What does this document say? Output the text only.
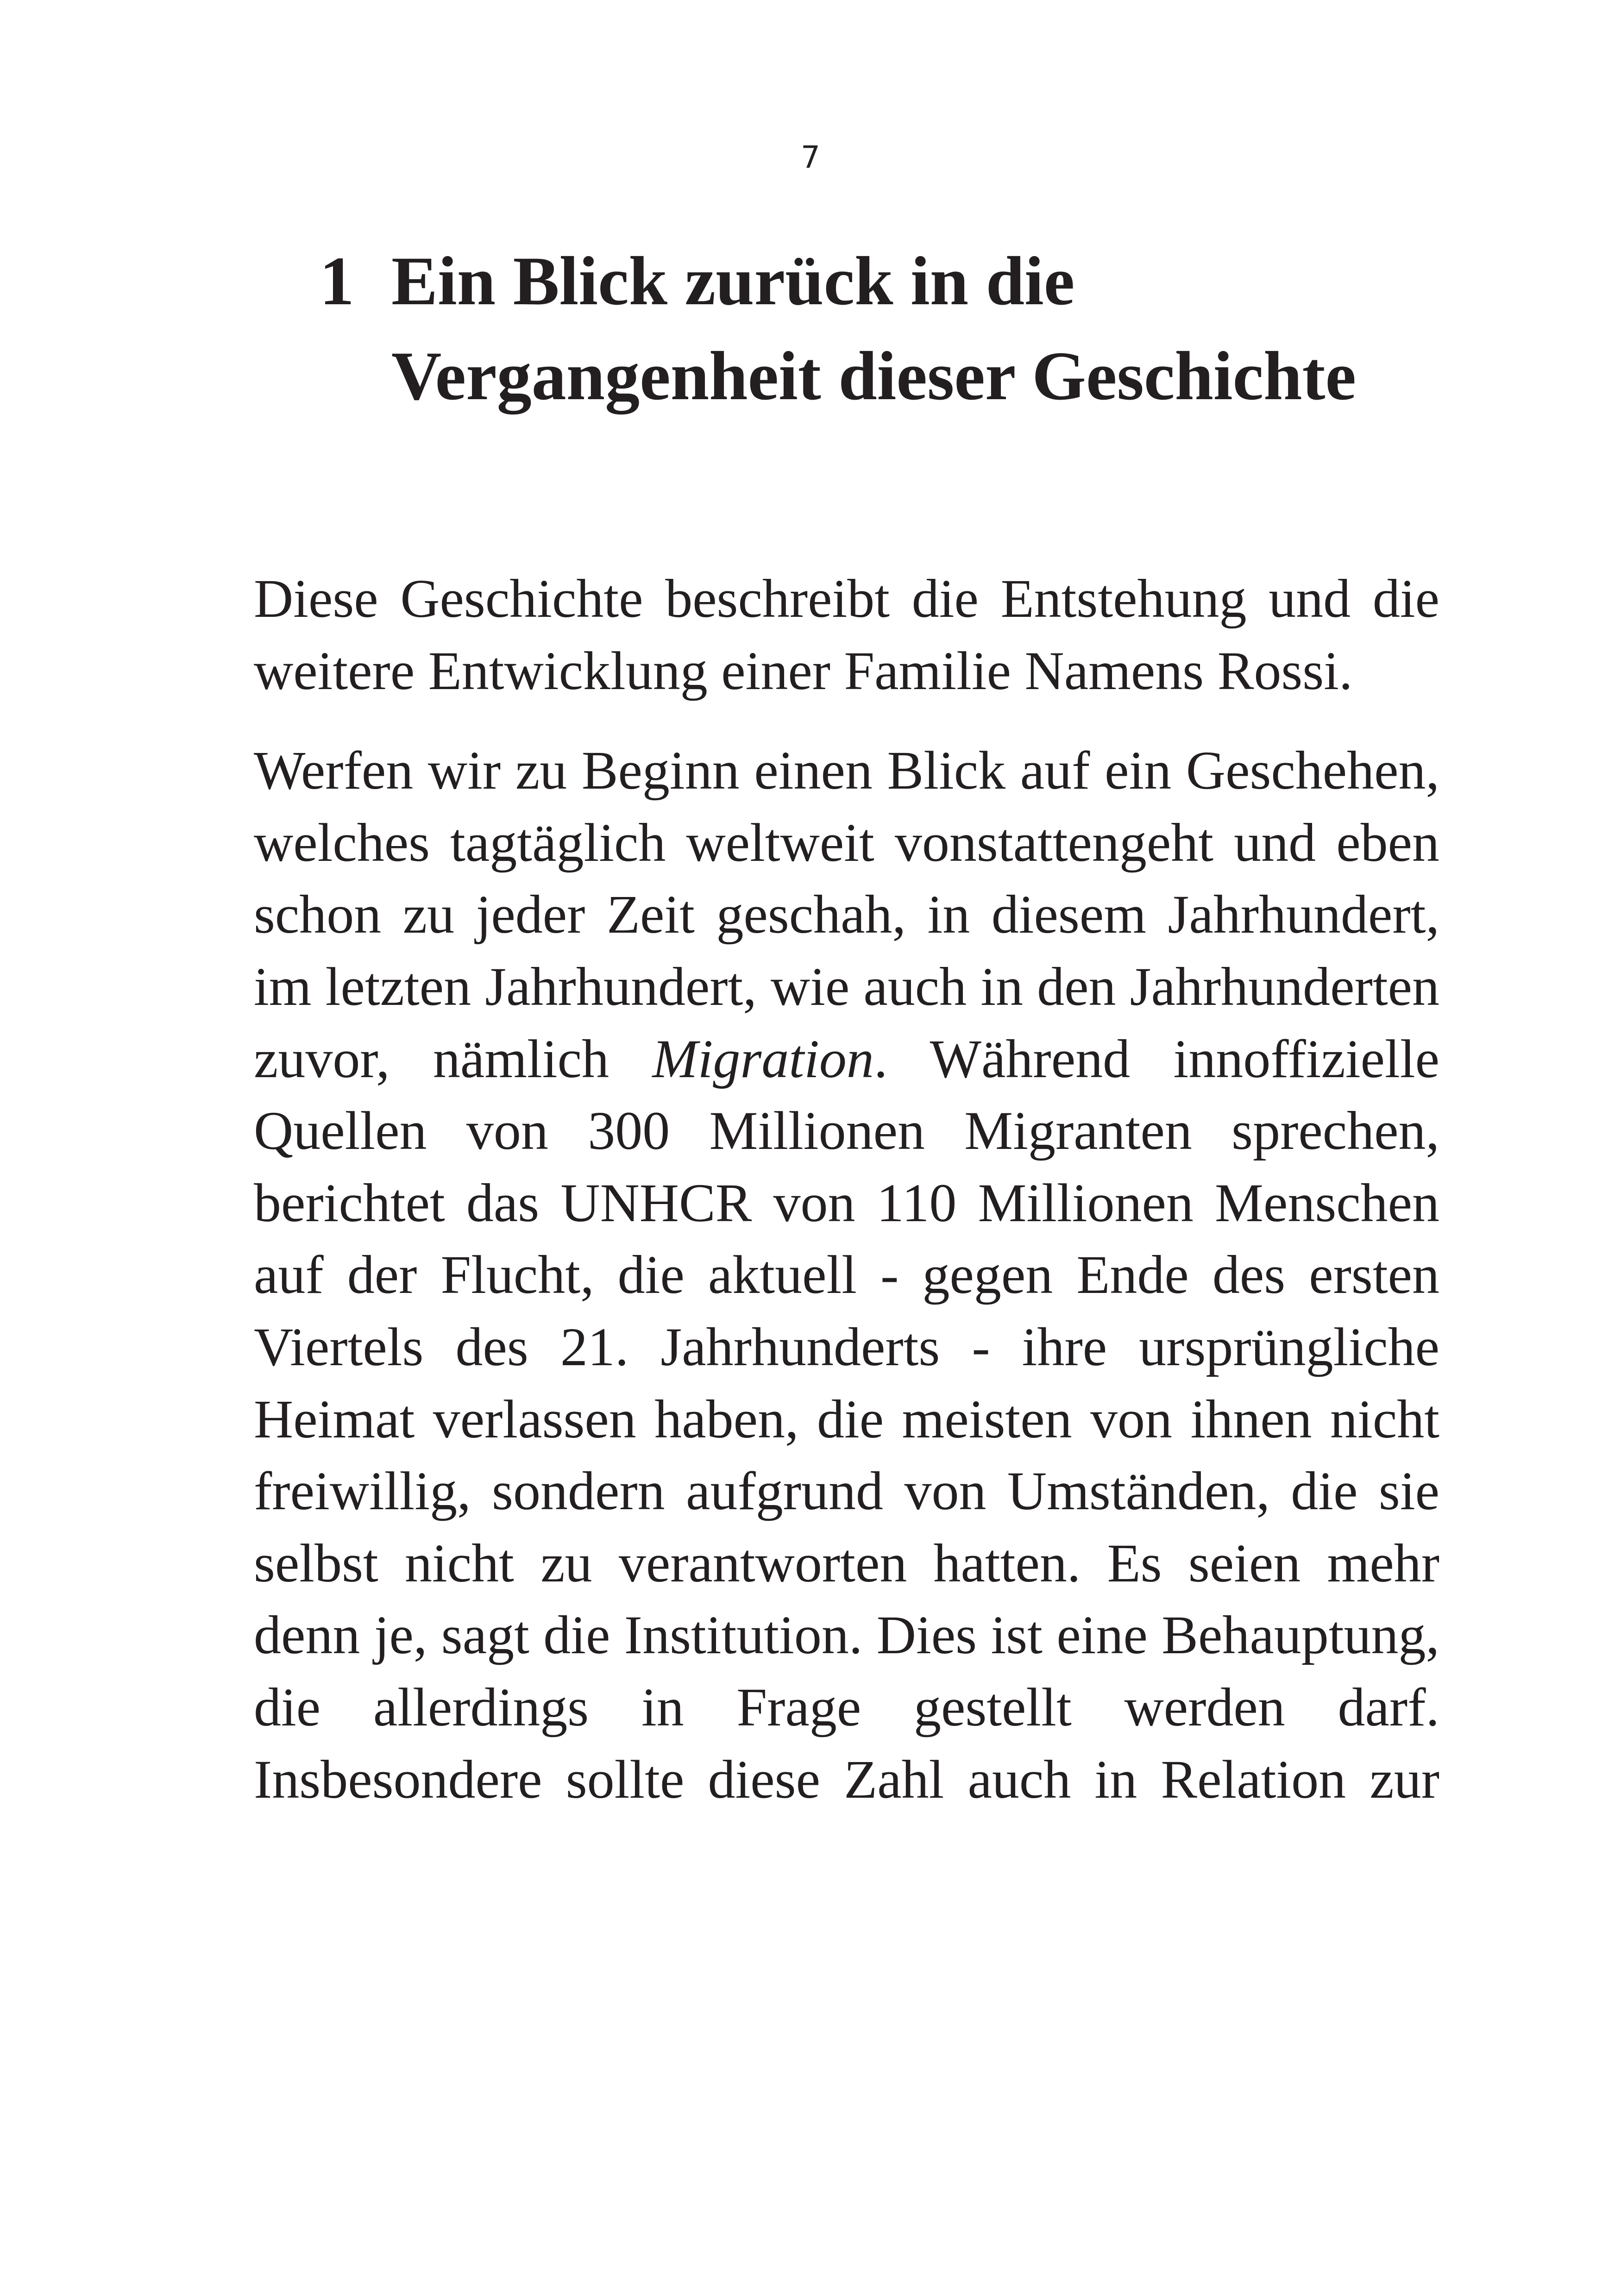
7
1 Ein Blick zurück in die
Vergangenheit dieser Geschichte

Diese Geschichte beschreibt die Entstehung und die weitere Entwicklung einer Familie Namens Rossi.

Werfen wir zu Beginn einen Blick auf ein Geschehen, welches tagtäglich weltweit vonstattengeht und eben schon zu jeder Zeit geschah, in diesem Jahrhundert, im letzten Jahrhundert, wie auch in den Jahrhunderten zuvor, nämlich Migration. Während innoffizielle Quellen von 300 Millionen Migranten sprechen, berichtet das UNHCR von 110 Millionen Menschen auf der Flucht, die aktuell - gegen Ende des ersten Viertels des 21. Jahrhunderts - ihre ursprüngliche Heimat verlassen haben, die meisten von ihnen nicht freiwillig, sondern aufgrund von Umständen, die sie selbst nicht zu verantworten hatten. Es seien mehr denn je, sagt die Institution. Dies ist eine Behauptung, die allerdings in Frage gestellt werden darf. Insbesondere sollte diese Zahl auch in Relation zur
